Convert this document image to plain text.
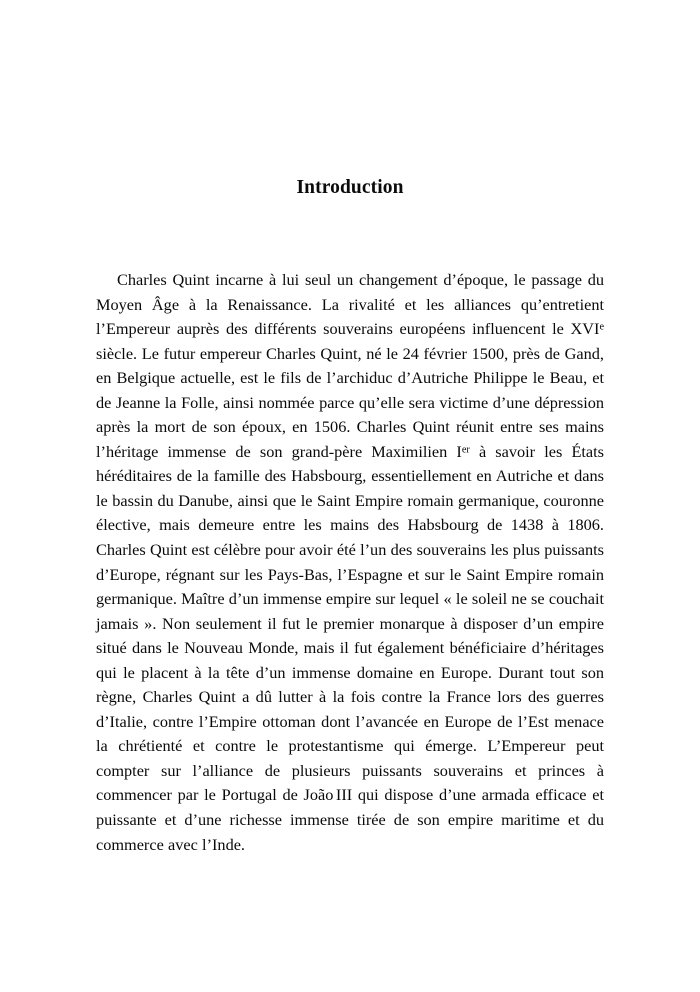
Introduction

Charles Quint incarne à lui seul un changement d’époque, le passage du Moyen Âge à la Renaissance. La rivalité et les alliances qu’entretient l’Empereur auprès des différents souverains européens influencent le XVIe siècle. Le futur empereur Charles Quint, né le 24 février 1500, près de Gand, en Belgique actuelle, est le fils de l’archiduc d’Autriche Philippe le Beau, et de Jeanne la Folle, ainsi nommée parce qu’elle sera victime d’une dépression après la mort de son époux, en 1506. Charles Quint réunit entre ses mains l’héritage immense de son grand-père Maximilien Ier à savoir les États héréditaires de la famille des Habsbourg, essentiellement en Autriche et dans le bassin du Danube, ainsi que le Saint Empire romain germanique, couronne élective, mais demeure entre les mains des Habsbourg de 1438 à 1806. Charles Quint est célèbre pour avoir été l’un des souverains les plus puissants d’Europe, régnant sur les Pays-Bas, l’Espagne et sur le Saint Empire romain germanique. Maître d’un immense empire sur lequel « le soleil ne se couchait jamais ». Non seulement il fut le premier monarque à disposer d’un empire situé dans le Nouveau Monde, mais il fut également bénéficiaire d’héritages qui le placent à la tête d’un immense domaine en Europe. Durant tout son règne, Charles Quint a dû lutter à la fois contre la France lors des guerres d’Italie, contre l’Empire ottoman dont l’avancée en Europe de l’Est menace la chrétienté et contre le protestantisme qui émerge. L’Empereur peut compter sur l’alliance de plusieurs puissants souverains et princes à commencer par le Portugal de João III qui dispose d’une armada efficace et puissante et d’une richesse immense tirée de son empire maritime et du commerce avec l’Inde.
